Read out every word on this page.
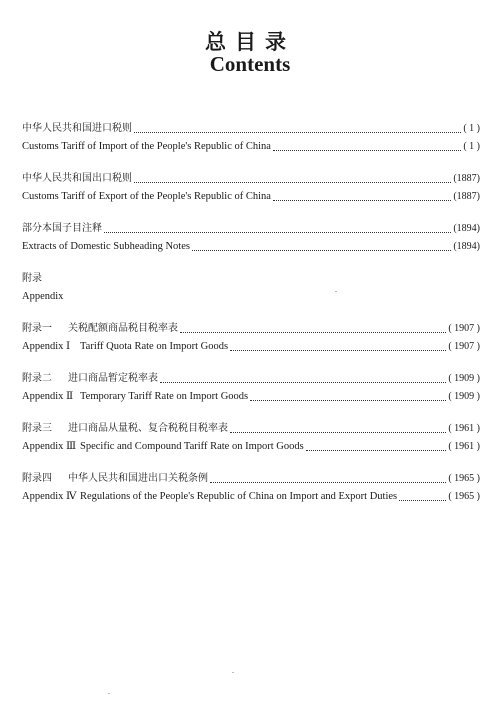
总目录
Contents
中华人民共和国进口税则	( 1 )
Customs Tariff of Import of the People's Republic of China	( 1 )
中华人民共和国出口税则	(1887)
Customs Tariff of Export of the People's Republic of China	(1887)
部分本国子目注释	(1894)
Extracts of Domestic Subheading Notes	(1894)
附录
Appendix
附录一	关税配额商品税目税率表	( 1907 )
Appendix Ⅰ Tariff Quota Rate on Import Goods	( 1907 )
附录二	进口商品暂定税率表	( 1909 )
Appendix Ⅱ Temporary Tariff Rate on Import Goods	( 1909 )
附录三	进口商品从量税、复合税税目税率表	( 1961 )
Appendix Ⅲ Specific and Compound Tariff Rate on Import Goods	( 1961 )
附录四	中华人民共和国进出口关税条例	( 1965 )
Appendix Ⅳ Regulations of the People's Republic of China on Import and Export Duties	( 1965 )
